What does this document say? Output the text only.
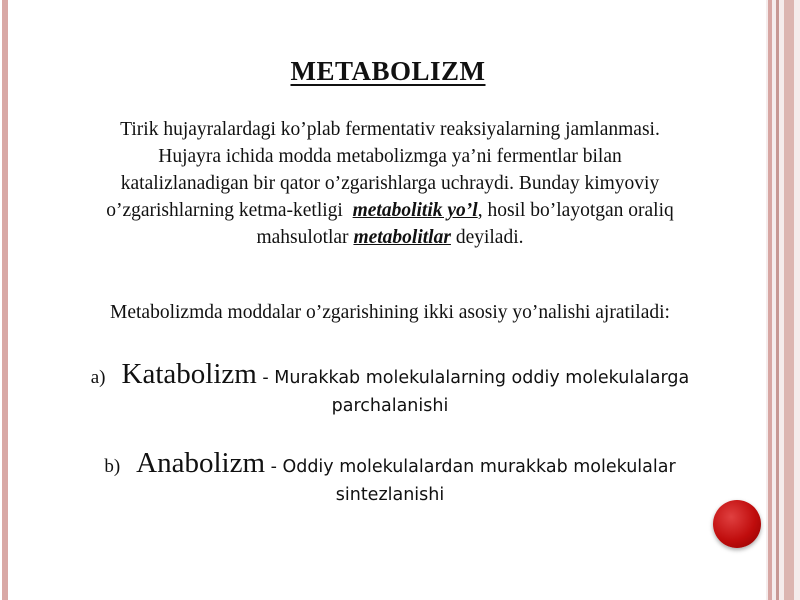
METABOLIZM
Tirik hujayralardagi ko’plab fermentativ reaksiyalarning jamlanmasi.
Hujayra ichida modda metabolizmga ya’ni fermentlar bilan
katalizlanadigan bir qator o’zgarishlarga uchraydi. Bunday kimyoviy
o’zgarishlarning ketma-ketligi metabolitik yo’l, hosil bo’layotgan oraliq
mahsulotlar metabolitlar deyiladi.
Metabolizmda moddalar o’zgarishining ikki asosiy yo’nalishi ajratiladi:
a) Katabolizm - Murakkab molekulalarning oddiy molekulalarga
parchalanishi
b) Anabolizm - Oddiy molekulalardan murakkab molekulalar
sintezlanishi
